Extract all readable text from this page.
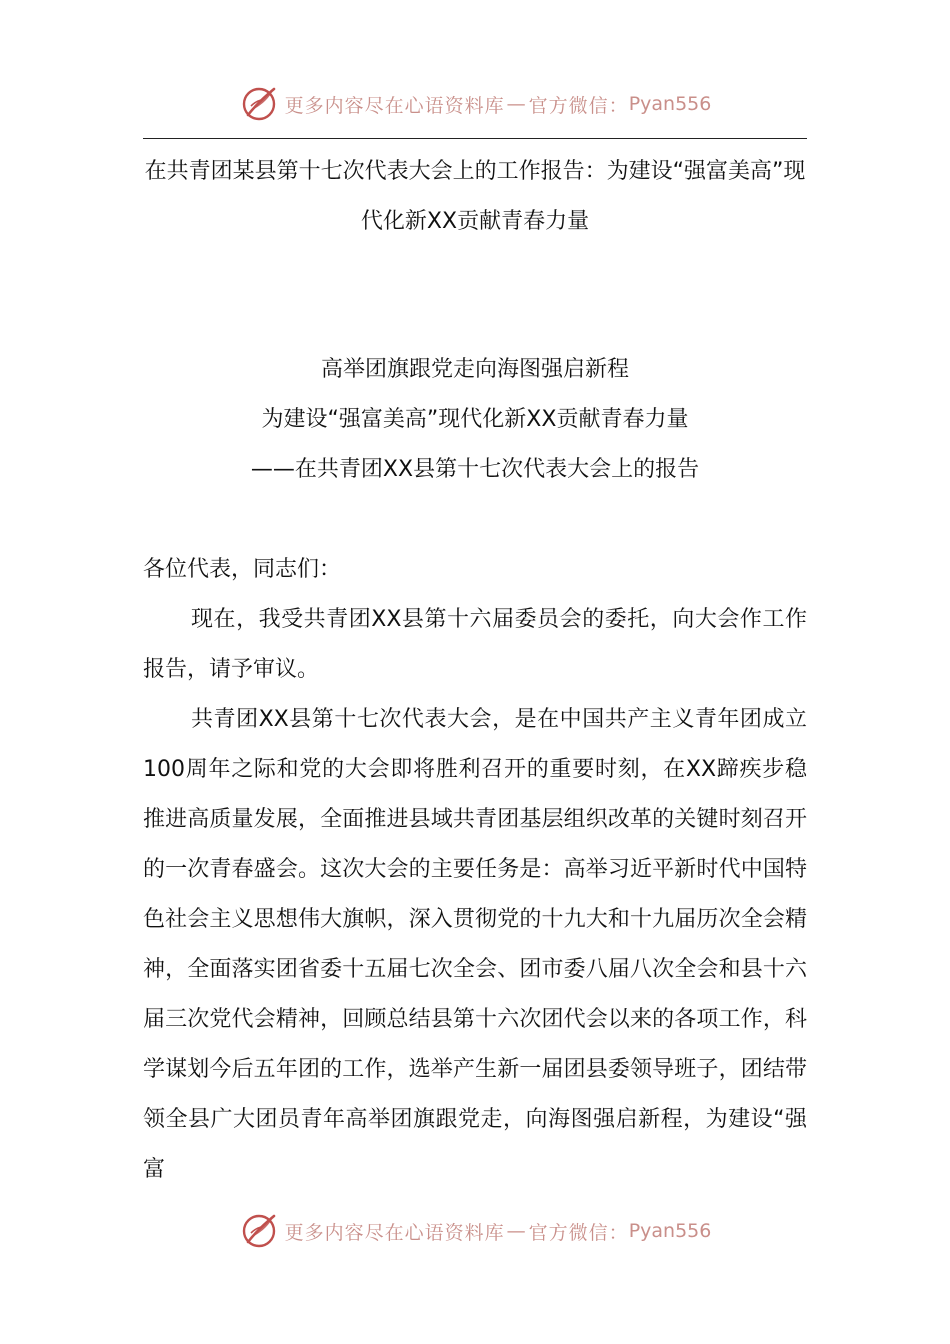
更多内容尽在心语资料库 — 官方微信： Pyan556
在共青团某县第十七次代表大会上的工作报告：为建设“强富美高”现代化新XX贡献青春力量
高举团旗跟党走向海图强启新程
为建设“强富美高”现代化新XX贡献青春力量
——在共青团XX县第十七次代表大会上的报告

各位代表，同志们：

现在，我受共青团XX县第十六届委员会的委托，向大会作工作报告，请予审议。

共青团XX县第十七次代表大会，是在中国共产主义青年团成立100周年之际和党的大会即将胜利召开的重要时刻，在XX蹄疾步稳推进高质量发展，全面推进县域共青团基层组织改革的关键时刻召开的一次青春盛会。这次大会的主要任务是：高举习近平新时代中国特色社会主义思想伟大旗帜，深入贯彻党的十九大和十九届历次全会精神，全面落实团省委十五届七次全会、团市委八届八次全会和县十六届三次党代会精神，回顾总结县第十六次团代会以来的各项工作，科学谋划今后五年团的工作，选举产生新一届团县委领导班子，团结带领全县广大团员青年高举团旗跟党走，向海图强启新程，为建设“强富

更多内容尽在心语资料库 — 官方微信： Pyan556
